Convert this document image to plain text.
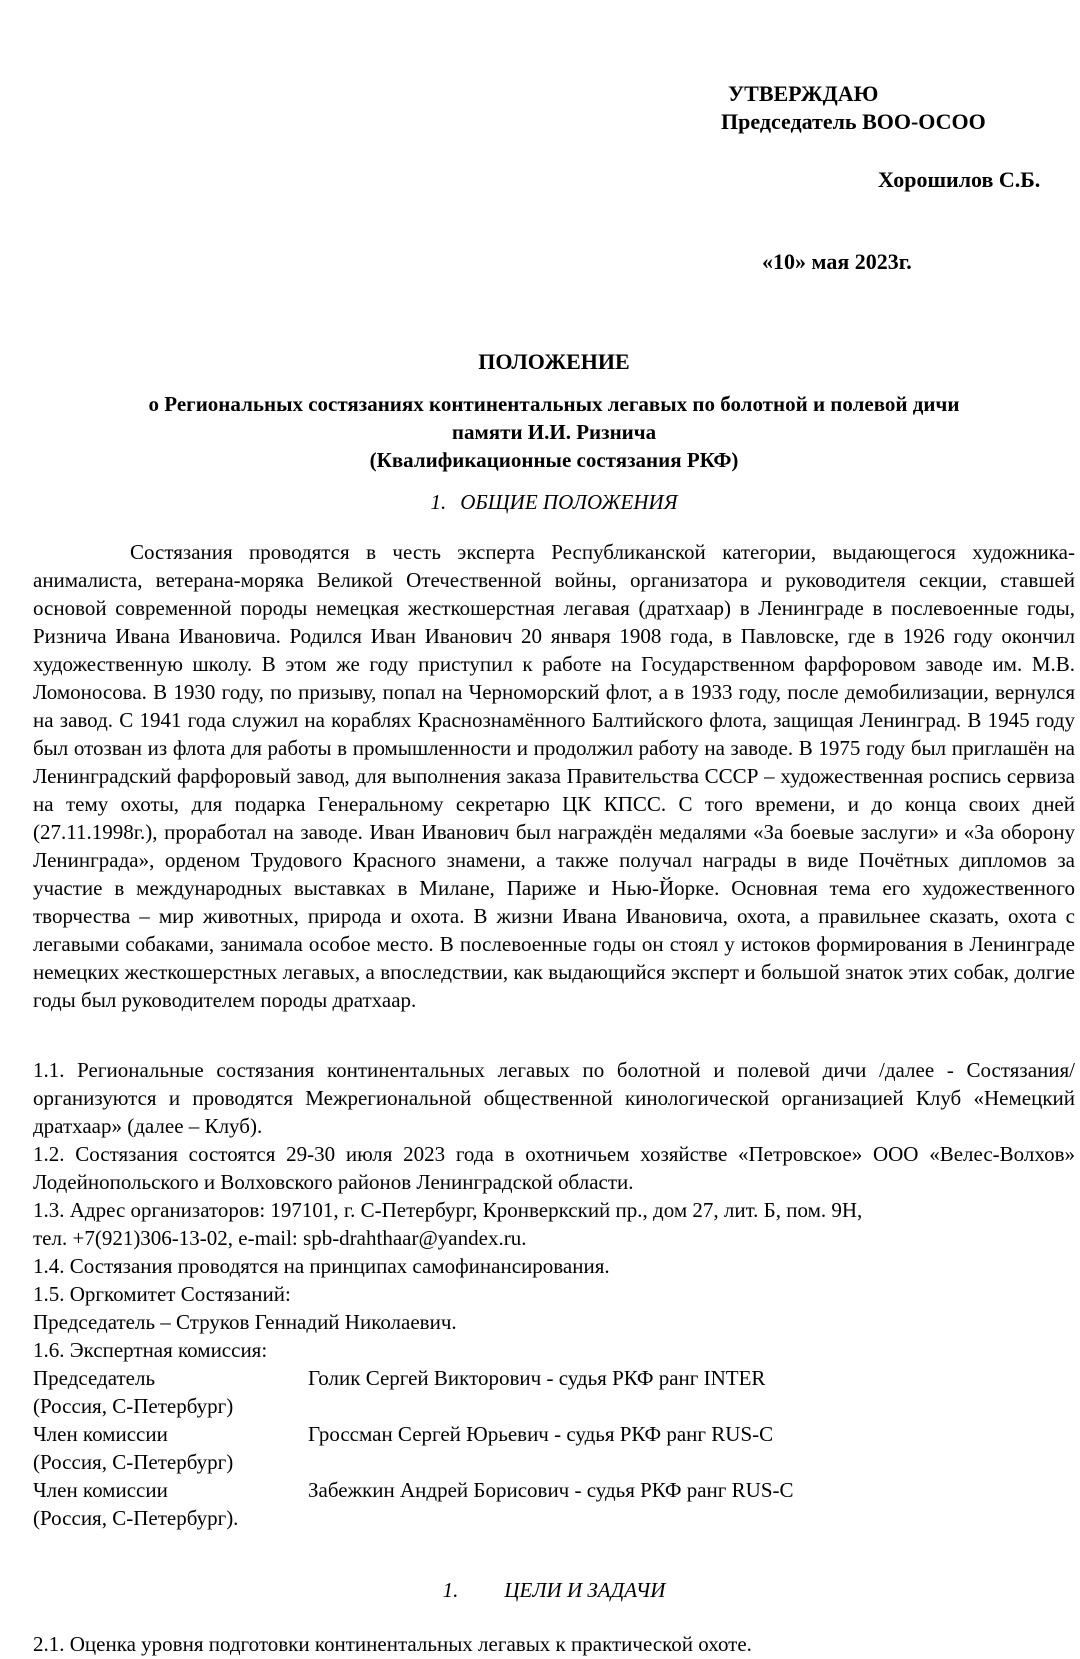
УТВЕРЖДАЮ
Председатель ВОО-ОСОО
Хорошилов С.Б.
«10» мая 2023г.
ПОЛОЖЕНИЕ
о Региональных состязаниях континентальных легавых по болотной и полевой дичи
памяти И.И. Ризнича
(Квалификационные состязания РКФ)
1. ОБЩИЕ ПОЛОЖЕНИЯ
Состязания проводятся в честь эксперта Республиканской категории, выдающегося художника-анималиста, ветерана-моряка Великой Отечественной войны, организатора и руководителя секции, ставшей основой современной породы немецкая жесткошерстная легавая (дратхаар) в Ленинграде в послевоенные годы, Ризнича Ивана Ивановича. Родился Иван Иванович 20 января 1908 года, в Павловске, где в 1926 году окончил художественную школу. В этом же году приступил к работе на Государственном фарфоровом заводе им. М.В. Ломоносова. В 1930 году, по призыву, попал на Черноморский флот, а в 1933 году, после демобилизации, вернулся на завод. С 1941 года служил на кораблях Краснознамённого Балтийского флота, защищая Ленинград. В 1945 году был отозван из флота для работы в промышленности и продолжил работу на заводе. В 1975 году был приглашён на Ленинградский фарфоровый завод, для выполнения заказа Правительства СССР – художественная роспись сервиза на тему охоты, для подарка Генеральному секретарю ЦК КПСС. С того времени, и до конца своих дней (27.11.1998г.), проработал на заводе. Иван Иванович был награждён медалями «За боевые заслуги» и «За оборону Ленинграда», орденом Трудового Красного знамени, а также получал награды в виде Почётных дипломов за участие в международных выставках в Милане, Париже и Нью-Йорке. Основная тема его художественного творчества – мир животных, природа и охота. В жизни Ивана Ивановича, охота, а правильнее сказать, охота с легавыми собаками, занимала особое место. В послевоенные годы он стоял у истоков формирования в Ленинграде немецких жесткошерстных легавых, а впоследствии, как выдающийся эксперт и большой знаток этих собак, долгие годы был руководителем породы дратхаар.
1.1. Региональные состязания континентальных легавых по болотной и полевой дичи /далее - Состязания/ организуются и проводятся Межрегиональной общественной кинологической организацией Клуб «Немецкий дратхаар» (далее – Клуб).
1.2. Состязания состоятся 29-30 июля 2023 года в охотничьем хозяйстве «Петровское» ООО «Велес-Волхов» Лодейнопольского и Волховского районов Ленинградской области.
1.3. Адрес организаторов: 197101, г. С-Петербург, Кронверкский пр., дом 27, лит. Б, пом. 9Н,
тел. +7(921)306-13-02, e-mail: spb-drahthaar@yandex.ru.
1.4. Состязания проводятся на принципах самофинансирования.
1.5. Оргкомитет Состязаний:
Председатель – Струков Геннадий Николаевич.
1.6. Экспертная комиссия:
Председатель	Голик Сергей Викторович - судья РКФ ранг INTER
(Россия, С-Петербург)
Член комиссии	Гроссман Сергей Юрьевич - судья РКФ ранг RUS-C
(Россия, С-Петербург)
Член комиссии	Забежкин Андрей Борисович - судья РКФ ранг RUS-C
(Россия, С-Петербург).
1. ЦЕЛИ И ЗАДАЧИ
2.1. Оценка уровня подготовки континентальных легавых к практической охоте.
